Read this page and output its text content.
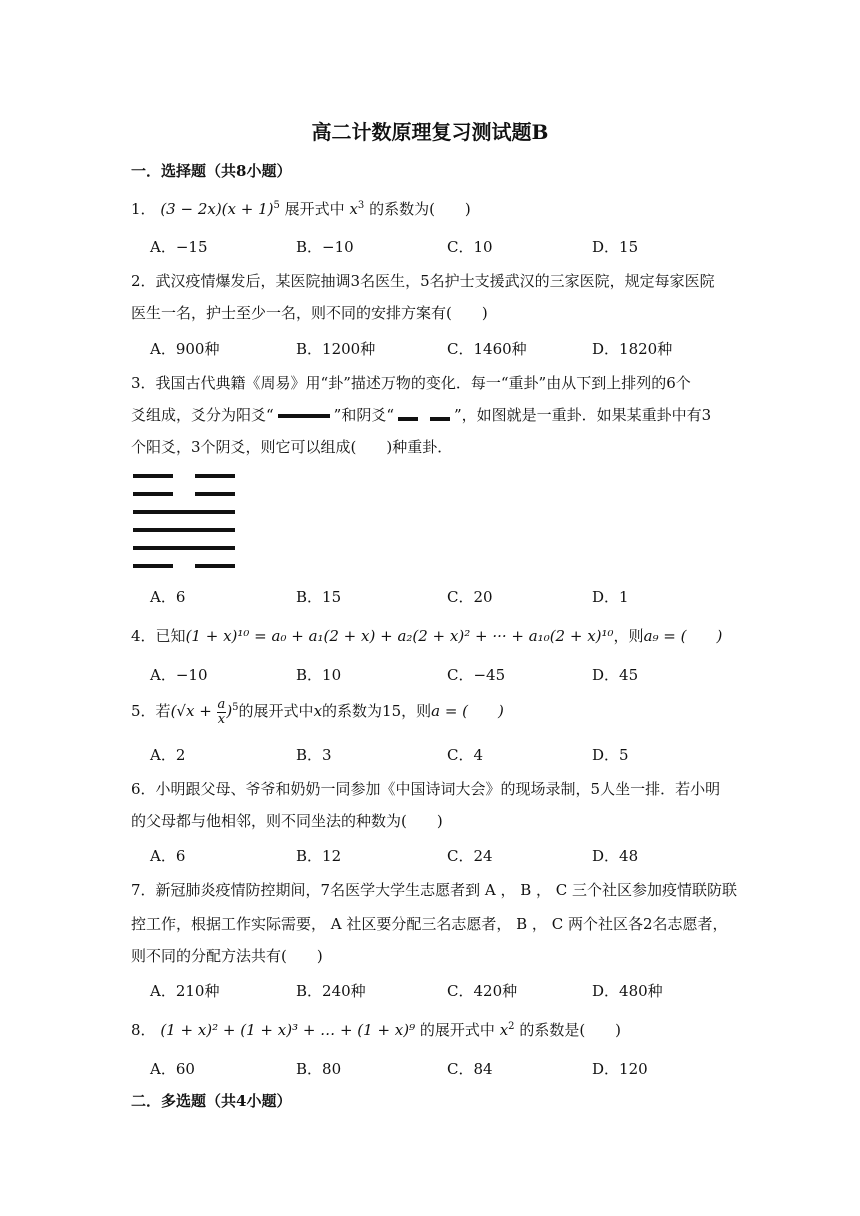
高二计数原理复习测试题B
一．选择题（共8小题）
1． $(3 - 2x)(x + 1)^5$ 展开式中 $x^3$ 的系数为(　　)
A．−15	B．−10	C．10	D．15
2．武汉疫情爆发后，某医院抽调3名医生，5名护士支援武汉的三家医院，规定每家医院
医生一名，护士至少一名，则不同的安排方案有(　　)
A．900种	B．1200种	C．1460种	D．1820种
3．我国古代典籍《周易》用“卦”描述万物的变化．每一“重卦”由从下到上排列的6个
爻组成，爻分为阳爻“	”和阴爻“	”，如图就是一重卦．如果某重卦中有3
个阳爻，3个阴爻，则它可以组成(　　)种重卦．
A．6	B．15	C．20	D．1
4．已知(1 + x)¹⁰ = a₀ + a₁(2 + x) + a₂(2 + x)² + ··· + a₁₀(2 + x)¹⁰，则a₉ = (　　)
A．−10	B．10	C．−45	D．45
5．若$(√x + \frac{a}{x} )^5$的展开式中x的系数为15，则a = (　　)
A．2	B．3	C．4	D．5
6．小明跟父母、爷爷和奶奶一同参加《中国诗词大会》的现场录制，5人坐一排．若小明
的父母都与他相邻，则不同坐法的种数为(　　)
A．6	B．12	C．24	D．48
7．新冠肺炎疫情防控期间，7名医学大学生志愿者到 A ， B ， C 三个社区参加疫情联防联
控工作，根据工作实际需要， A 社区要分配三名志愿者， B ， C 两个社区各2名志愿者，
则不同的分配方法共有(　　)
A．210种	B．240种	C．420种	D．480种
8． (1 + x)² + (1 + x)³ + … + (1 + x)⁹ 的展开式中 $x^2$ 的系数是(　　)
A．60	B．80	C．84	D．120
二．多选题（共4小题）
